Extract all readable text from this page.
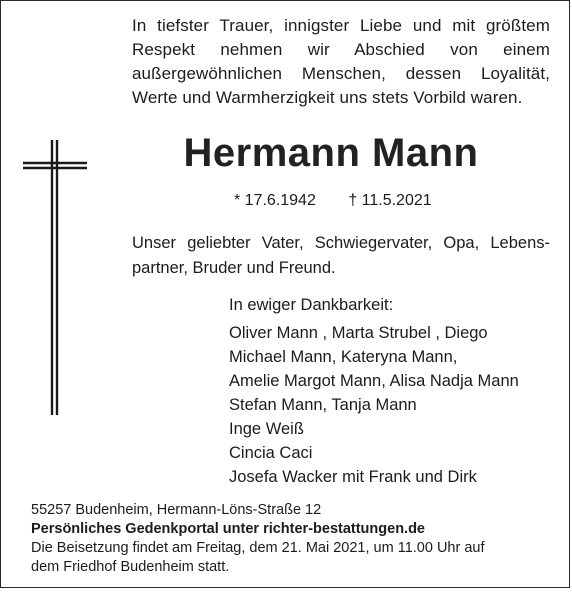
In tiefster Trauer, innigster Liebe und mit größtem
Respekt nehmen wir Abschied von einem
außergewöhnlichen Menschen, dessen Loyalität,
Werte und Warmherzigkeit uns stets Vorbild waren.
Hermann Mann
* 17.6.1942 † 11.5.2021
Unser geliebter Vater, Schwiegervater, Opa, Lebens-
partner, Bruder und Freund.
In ewiger Dankbarkeit:
Oliver Mann , Marta Strubel , Diego
Michael Mann, Kateryna Mann,
Amelie Margot Mann, Alisa Nadja Mann
Stefan Mann, Tanja Mann
Inge Weiß
Cincia Caci
Josefa Wacker mit Frank und Dirk
55257 Budenheim, Hermann-Löns-Straße 12
Persönliches Gedenkportal unter richter-bestattungen.de
Die Beisetzung findet am Freitag, dem 21. Mai 2021, um 11.00 Uhr auf
dem Friedhof Budenheim statt.
